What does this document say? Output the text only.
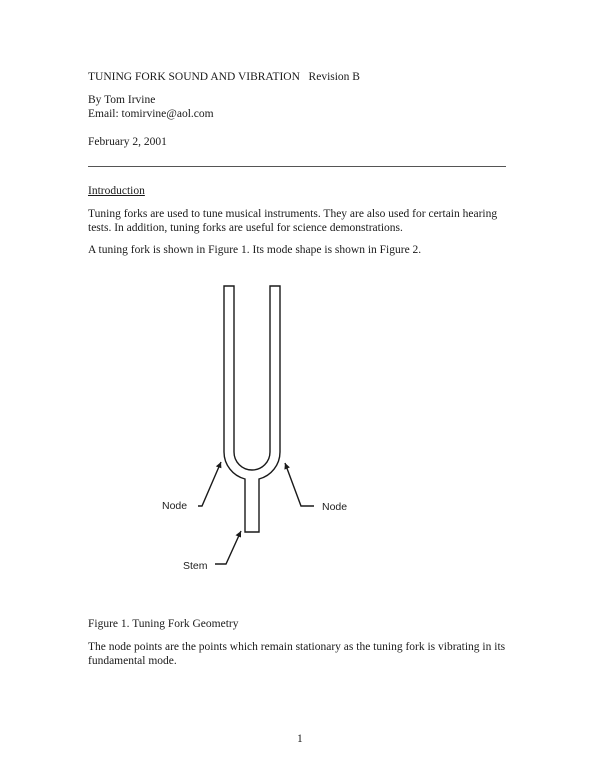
TUNING FORK SOUND AND VIBRATION Revision B
By Tom Irvine
Email: tomirvine@aol.com
February 2, 2001
Introduction
Tuning forks are used to tune musical instruments. They are also used for certain hearing tests. In addition, tuning forks are useful for science demonstrations.
A tuning fork is shown in Figure 1. Its mode shape is shown in Figure 2.
Node	Node
Stem
Figure 1. Tuning Fork Geometry
The node points are the points which remain stationary as the tuning fork is vibrating in its fundamental mode.
1
